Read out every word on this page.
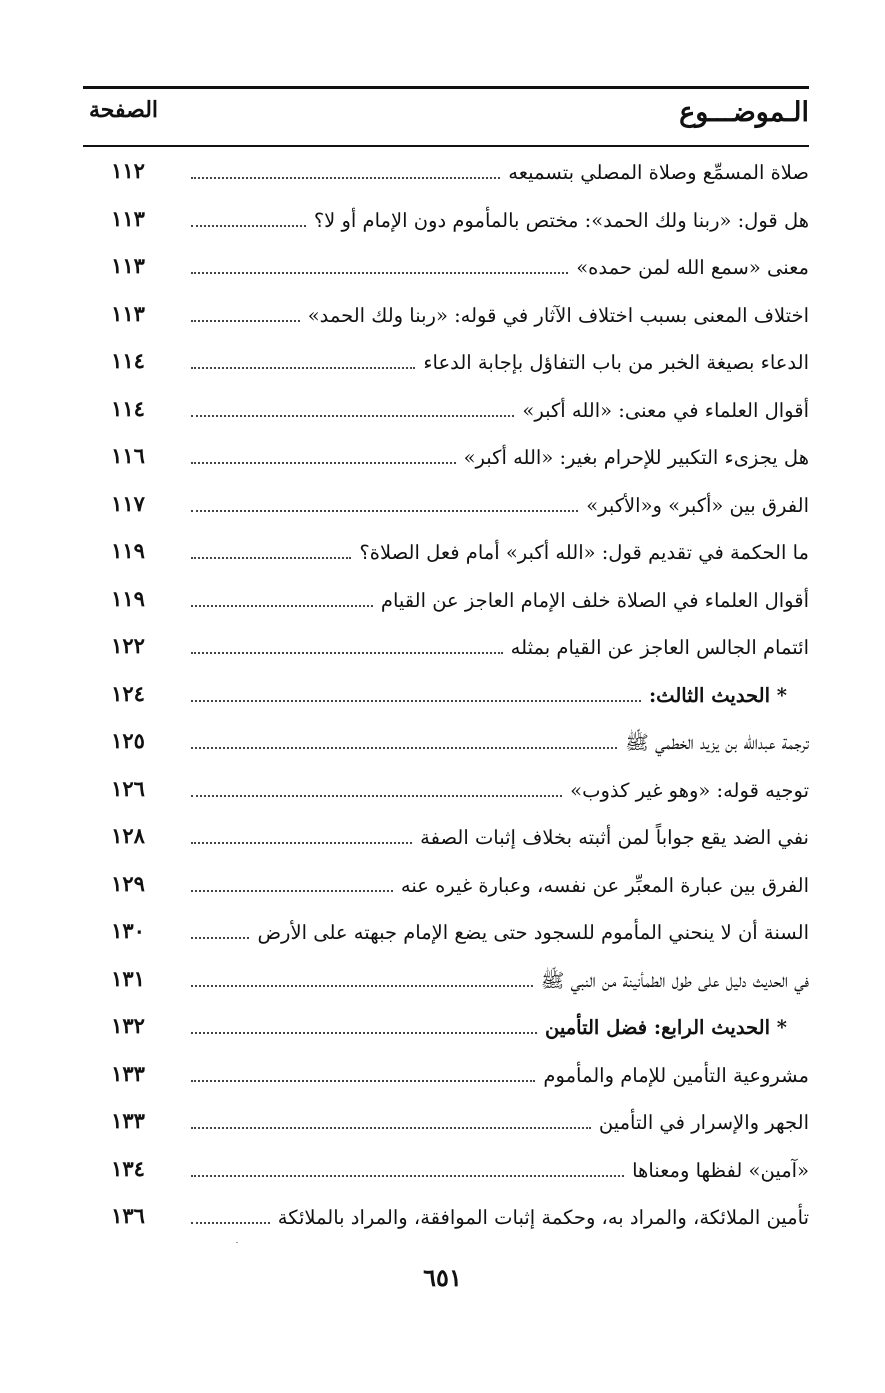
الـموضـــوع
الصفحة
صلاة المسمِّع وصلاة المصلي بتسميعه
١١٢
هل قول: «ربنا ولك الحمد»: مختص بالمأموم دون الإمام أو لا؟
١١٣
معنى «سمع الله لمن حمده»
١١٣
اختلاف المعنى بسبب اختلاف الآثار في قوله: «ربنا ولك الحمد»
١١٣
الدعاء بصيغة الخبر من باب التفاؤل بإجابة الدعاء
١١٤
أقوال العلماء في معنى: «الله أكبر»
١١٤
هل يجزىء التكبير للإحرام بغير: «الله أكبر»
١١٦
الفرق بين «أكبر» و«الأكبر»
١١٧
ما الحكمة في تقديم قول: «الله أكبر» أمام فعل الصلاة؟
١١٩
أقوال العلماء في الصلاة خلف الإمام العاجز عن القيام
١١٩
ائتمام الجالس العاجز عن القيام بمثله
١٢٢
* الحديث الثالث:
١٢٤
ترجمة عبدالله بن يزيد الخطمي ﷺ
١٢٥
توجيه قوله: «وهو غير كذوب»
١٢٦
نفي الضد يقع جواباً لمن أثبته بخلاف إثبات الصفة
١٢٨
الفرق بين عبارة المعبِّر عن نفسه، وعبارة غيره عنه
١٢٩
السنة أن لا ينحني المأموم للسجود حتى يضع الإمام جبهته على الأرض
١٣٠
في الحديث دليل على طول الطمأنينة من النبي ﷺ
١٣١
* الحديث الرابع: فضل التأمين
١٣٢
مشروعية التأمين للإمام والمأموم
١٣٣
الجهر والإسرار في التأمين
١٣٣
«آمين» لفظها ومعناها
١٣٤
تأمين الملائكة، والمراد به، وحكمة إثبات الموافقة، والمراد بالملائكة
١٣٦
٦٥١
